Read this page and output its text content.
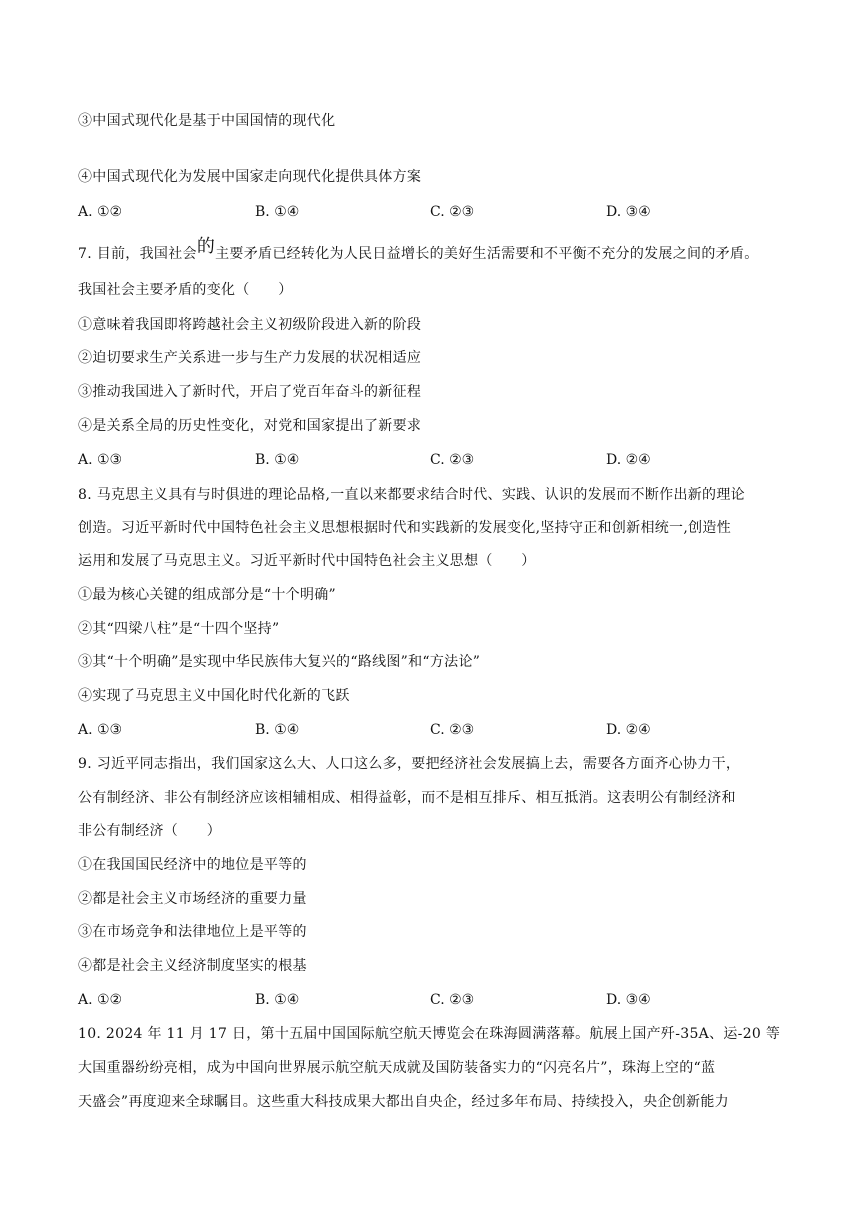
③中国式现代化是基于中国国情的现代化
④中国式现代化为发展中国家走向现代化提供具体方案
A. ①②	B. ①④	C. ②③	D. ③④
7. 目前，我国社会的主要矛盾已经转化为人民日益增长的美好生活需要和不平衡不充分的发展之间的矛盾。
我国社会主要矛盾的变化（　　）
①意味着我国即将跨越社会主义初级阶段进入新的阶段
②迫切要求生产关系进一步与生产力发展的状况相适应
③推动我国进入了新时代，开启了党百年奋斗的新征程
④是关系全局的历史性变化，对党和国家提出了新要求
A. ①③	B. ①④	C. ②③	D. ②④
8. 马克思主义具有与时俱进的理论品格,一直以来都要求结合时代、实践、认识的发展而不断作出新的理论
创造。习近平新时代中国特色社会主义思想根据时代和实践新的发展变化,坚持守正和创新相统一,创造性
运用和发展了马克思主义。习近平新时代中国特色社会主义思想（　　）
①最为核心关键的组成部分是“十个明确”
②其“四梁八柱”是“十四个坚持”
③其“十个明确”是实现中华民族伟大复兴的“路线图”和“方法论”
④实现了马克思主义中国化时代化新的飞跃
A. ①③	B. ①④	C. ②③	D. ②④
9. 习近平同志指出，我们国家这么大、人口这么多，要把经济社会发展搞上去，需要各方面齐心协力干，
公有制经济、非公有制经济应该相辅相成、相得益彰，而不是相互排斥、相互抵消。这表明公有制经济和
非公有制经济（　　）
①在我国国民经济中的地位是平等的
②都是社会主义市场经济的重要力量
③在市场竞争和法律地位上是平等的
④都是社会主义经济制度坚实的根基
A. ①②	B. ①④	C. ②③	D. ③④
10. 2024 年 11 月 17 日，第十五届中国国际航空航天博览会在珠海圆满落幕。航展上国产歼-35A、运-20 等
大国重器纷纷亮相，成为中国向世界展示航空航天成就及国防装备实力的“闪亮名片”，珠海上空的“蓝
天盛会”再度迎来全球瞩目。这些重大科技成果大都出自央企，经过多年布局、持续投入，央企创新能力
